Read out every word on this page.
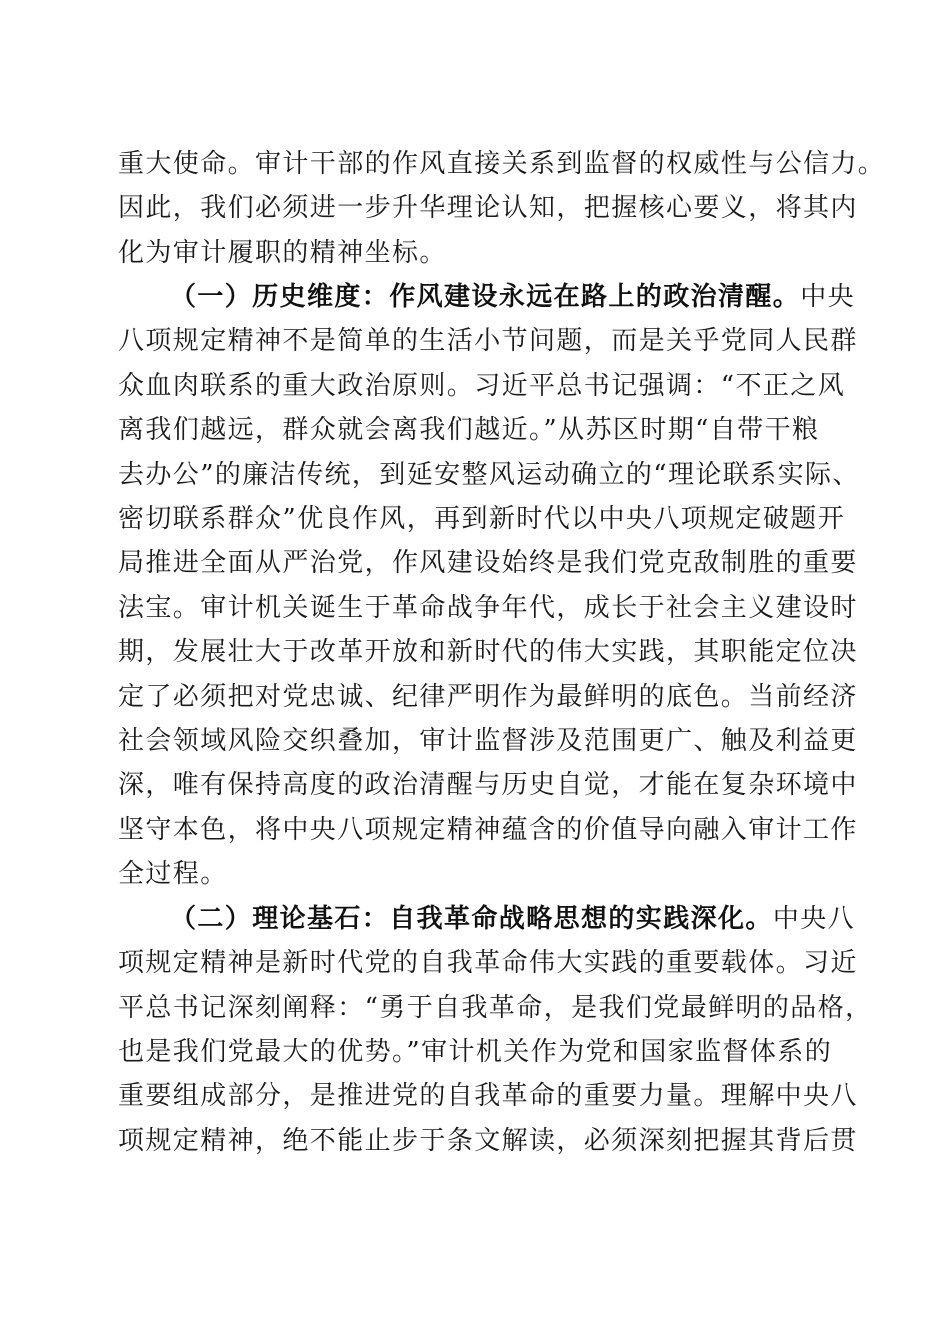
重大使命。审计干部的作风直接关系到监督的权威性与公信力。
因此，我们必须进一步升华理论认知，把握核心要义，将其内
化为审计履职的精神坐标。
（一）历史维度：作风建设永远在路上的政治清醒。中央
八项规定精神不是简单的生活小节问题，而是关乎党同人民群
众血肉联系的重大政治原则。习近平总书记强调：“不正之风
离我们越远，群众就会离我们越近。”从苏区时期“自带干粮
去办公”的廉洁传统，到延安整风运动确立的“理论联系实际、
密切联系群众”优良作风，再到新时代以中央八项规定破题开
局推进全面从严治党，作风建设始终是我们党克敌制胜的重要
法宝。审计机关诞生于革命战争年代，成长于社会主义建设时
期，发展壮大于改革开放和新时代的伟大实践，其职能定位决
定了必须把对党忠诚、纪律严明作为最鲜明的底色。当前经济
社会领域风险交织叠加，审计监督涉及范围更广、触及利益更
深，唯有保持高度的政治清醒与历史自觉，才能在复杂环境中
坚守本色，将中央八项规定精神蕴含的价值导向融入审计工作
全过程。
（二）理论基石：自我革命战略思想的实践深化。中央八
项规定精神是新时代党的自我革命伟大实践的重要载体。习近
平总书记深刻阐释：“勇于自我革命，是我们党最鲜明的品格，
也是我们党最大的优势。”审计机关作为党和国家监督体系的
重要组成部分，是推进党的自我革命的重要力量。理解中央八
项规定精神，绝不能止步于条文解读，必须深刻把握其背后贯
